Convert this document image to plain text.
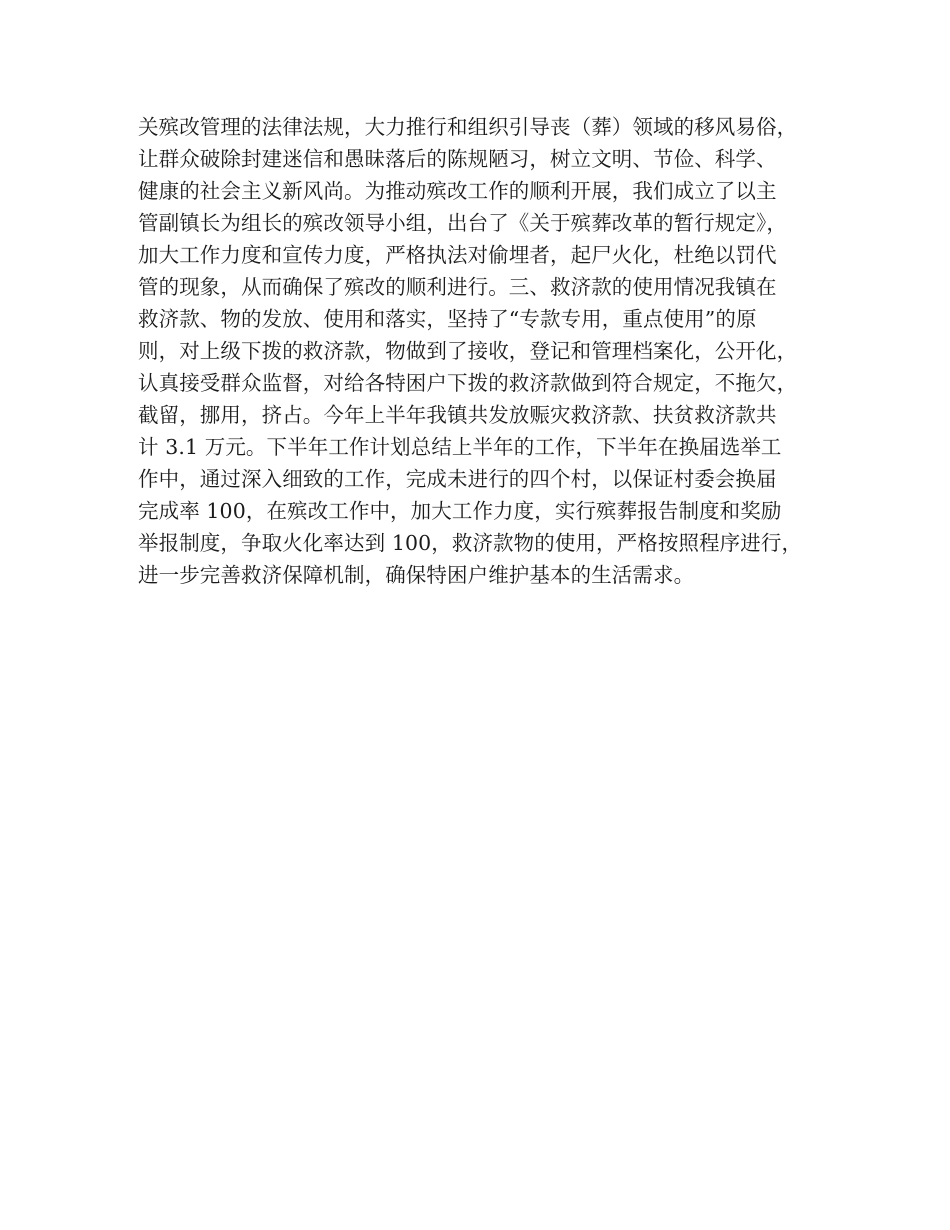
关殡改管理的法律法规，大力推行和组织引导丧（葬）领域的移风易俗，
让群众破除封建迷信和愚昧落后的陈规陋习，树立文明、节俭、科学、
健康的社会主义新风尚。为推动殡改工作的顺利开展，我们成立了以主
管副镇长为组长的殡改领导小组，出台了《关于殡葬改革的暂行规定》，
加大工作力度和宣传力度，严格执法对偷埋者，起尸火化，杜绝以罚代
管的现象，从而确保了殡改的顺利进行。三、救济款的使用情况我镇在
救济款、物的发放、使用和落实，坚持了“专款专用，重点使用”的原
则，对上级下拨的救济款，物做到了接收，登记和管理档案化，公开化，
认真接受群众监督，对给各特困户下拨的救济款做到符合规定，不拖欠，
截留，挪用，挤占。今年上半年我镇共发放赈灾救济款、扶贫救济款共
计 3.1 万元。下半年工作计划总结上半年的工作，下半年在换届选举工
作中，通过深入细致的工作，完成未进行的四个村，以保证村委会换届
完成率 100，在殡改工作中，加大工作力度，实行殡葬报告制度和奖励
举报制度，争取火化率达到 100，救济款物的使用，严格按照程序进行，
进一步完善救济保障机制，确保特困户维护基本的生活需求。
